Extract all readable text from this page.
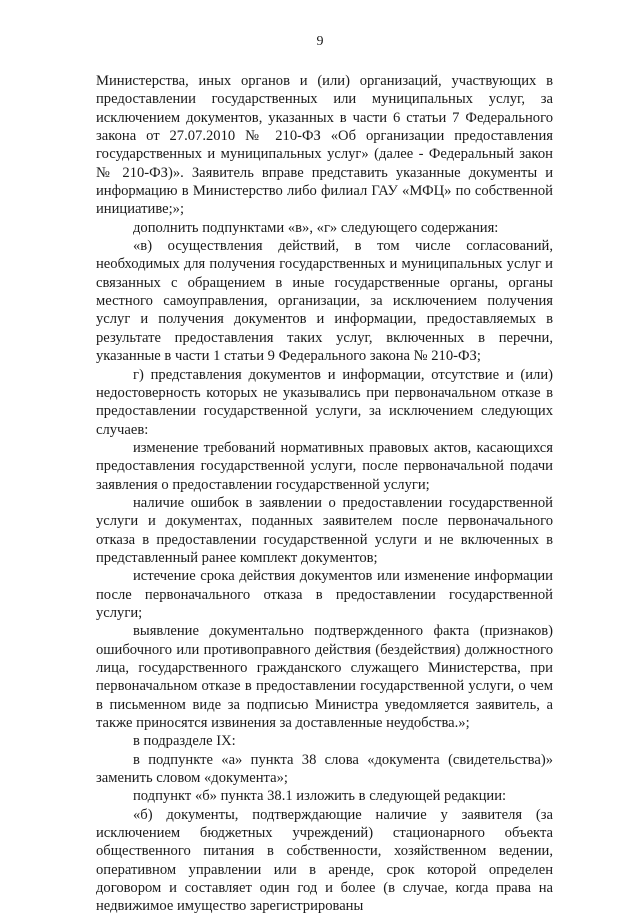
9

Министерства, иных органов и (или) организаций, участвующих в предоставлении государственных или муниципальных услуг, за исключением документов, указанных в части 6 статьи 7 Федерального закона от 27.07.2010 № 210-ФЗ «Об организации предоставления государственных и муниципальных услуг» (далее - Федеральный закон № 210-ФЗ)». Заявитель вправе представить указанные документы и информацию в Министерство либо филиал ГАУ «МФЦ» по собственной инициативе;»;

дополнить подпунктами «в», «г» следующего содержания:

«в) осуществления действий, в том числе согласований, необходимых для получения государственных и муниципальных услуг и связанных с обращением в иные государственные органы, органы местного самоуправления, организации, за исключением получения услуг и получения документов и информации, предоставляемых в результате предоставления таких услуг, включенных в перечни, указанные в части 1 статьи 9 Федерального закона № 210-ФЗ;

г) представления документов и информации, отсутствие и (или) недостоверность которых не указывались при первоначальном отказе в предоставлении государственной услуги, за исключением следующих случаев:

изменение требований нормативных правовых актов, касающихся предоставления государственной услуги, после первоначальной подачи заявления о предоставлении государственной услуги;

наличие ошибок в заявлении о предоставлении государственной услуги и документах, поданных заявителем после первоначального отказа в предоставлении государственной услуги и не включенных в представленный ранее комплект документов;

истечение срока действия документов или изменение информации после первоначального отказа в предоставлении государственной услуги;

выявление документально подтвержденного факта (признаков) ошибочного или противоправного действия (бездействия) должностного лица, государственного гражданского служащего Министерства, при первоначальном отказе в предоставлении государственной услуги, о чем в письменном виде за подписью Министра уведомляется заявитель, а также приносятся извинения за доставленные неудобства.»;

в подразделе IX:

в подпункте «а» пункта 38 слова «документа (свидетельства)» заменить словом «документа»;

подпункт «б» пункта 38.1 изложить в следующей редакции:

«б) документы, подтверждающие наличие у заявителя (за исключением бюджетных учреждений) стационарного объекта общественного питания в собственности, хозяйственном ведении, оперативном управлении или в аренде, срок которой определен договором и составляет один год и более (в случае, когда права на недвижимое имущество зарегистрированы
